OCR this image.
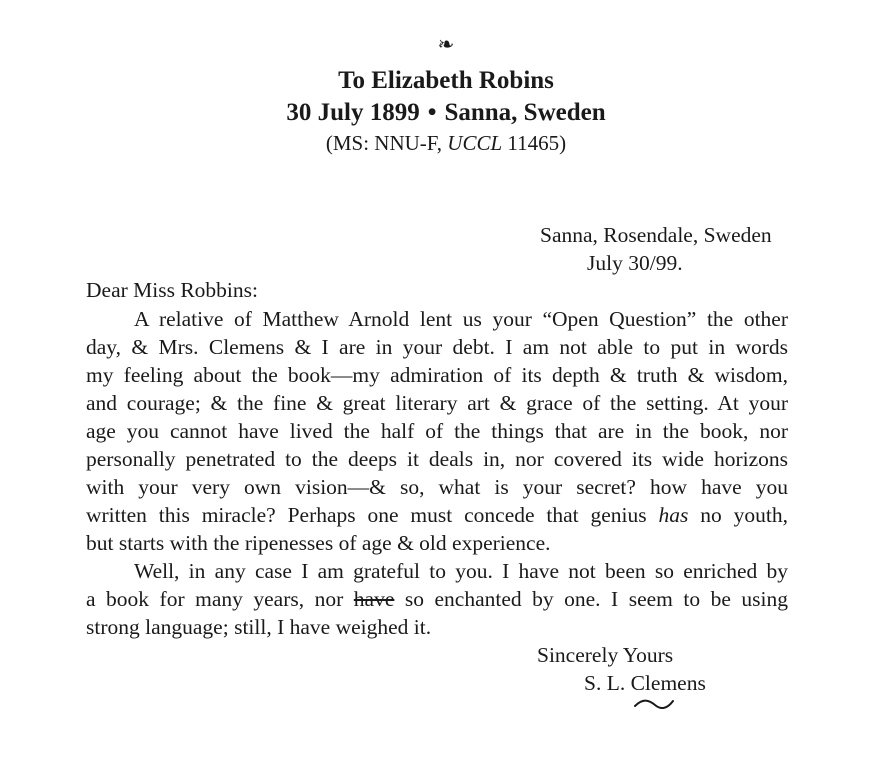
❧
To Elizabeth Robins
30 July 1899 • Sanna, Sweden
(MS: NNU-F, UCCL 11465)
Sanna, Rosendale, Sweden
July 30/99.
Dear Miss Robbins:
A relative of Matthew Arnold lent us your “Open Question” the other
day, & Mrs. Clemens & I are in your debt. I am not able to put in words
my feeling about the book—my admiration of its depth & truth & wisdom,
and courage; & the fine & great literary art & grace of the setting. At your
age you cannot have lived the half of the things that are in the book, nor
personally penetrated to the deeps it deals in, nor covered its wide horizons
with your very own vision—& so, what is your secret? how have you
written this miracle? Perhaps one must concede that genius has no youth,
but starts with the ripenesses of age & old experience.
Well, in any case I am grateful to you. I have not been so enriched by
a book for many years, nor have so enchanted by one. I seem to be using
strong language; still, I have weighed it.
Sincerely Yours
S. L. Clemens
